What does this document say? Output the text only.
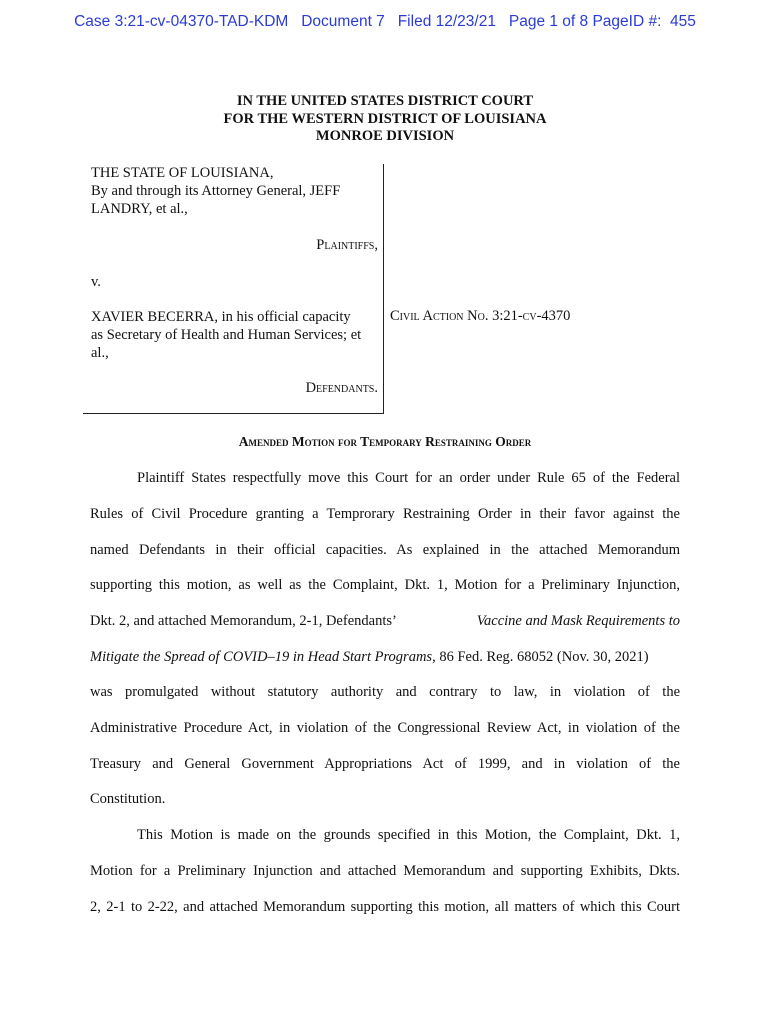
Case 3:21-cv-04370-TAD-KDM   Document 7   Filed 12/23/21   Page 1 of 8 PageID #:  455
IN THE UNITED STATES DISTRICT COURT
FOR THE WESTERN DISTRICT OF LOUISIANA
MONROE DIVISION
THE STATE OF LOUISIANA,
By and through its Attorney General, JEFF
LANDRY, et al.,
Plaintiffs,
v.
XAVIER BECERRA, in his official capacity
as Secretary of Health and Human Services; et
al.,
Defendants.
Civil Action No. 3:21-cv-4370
Amended Motion for Temporary Restraining Order
Plaintiff States respectfully move this Court for an order under Rule 65 of the Federal
Rules of Civil Procedure granting a Temprorary Restraining Order in their favor against the
named Defendants in their official capacities. As explained in the attached Memorandum
supporting this motion, as well as the Complaint, Dkt. 1, Motion for a Preliminary Injunction,
Dkt. 2, and attached Memorandum, 2-1, Defendants’	Vaccine and Mask Requirements to
Mitigate the Spread of COVID–19 in Head Start Programs, 86 Fed. Reg. 68052 (Nov. 30, 2021)
was promulgated without statutory authority and contrary to law, in violation of the
Administrative Procedure Act, in violation of the Congressional Review Act, in violation of the
Treasury and General Government Appropriations Act of 1999, and in violation of the
Constitution.
This Motion is made on the grounds specified in this Motion, the Complaint, Dkt. 1,
Motion for a Preliminary Injunction and attached Memorandum and supporting Exhibits, Dkts.
2, 2-1 to 2-22, and attached Memorandum supporting this motion, all matters of which this Court
